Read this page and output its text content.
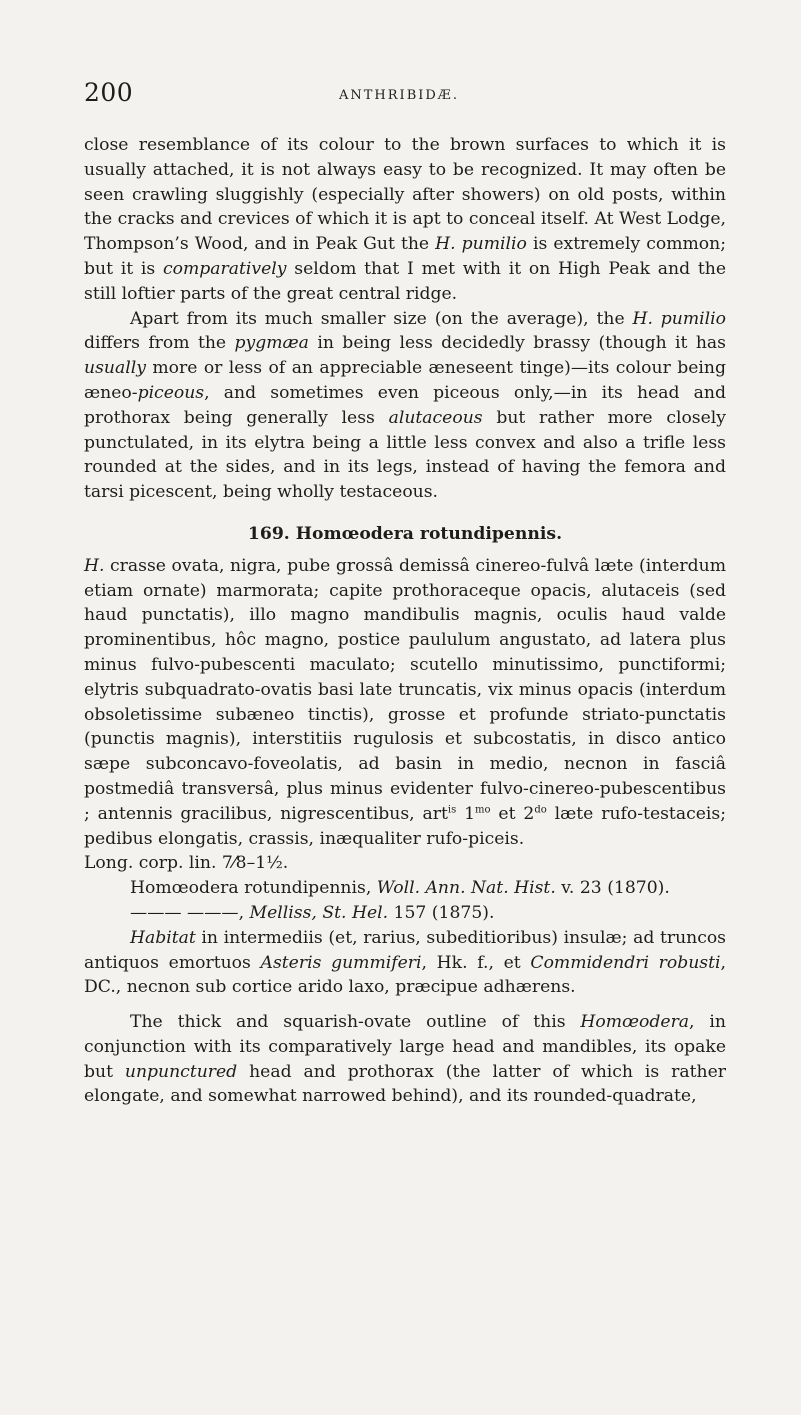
200	ANTHRIBIDÆ.

close resemblance of its colour to the brown surfaces to which it is usually attached, it is not always easy to be recognized. It may often be seen crawling sluggishly (especially after showers) on old posts, within the cracks and crevices of which it is apt to conceal itself. At West Lodge, Thompson’s Wood, and in Peak Gut the H. pumilio is extremely common; but it is comparatively seldom that I met with it on High Peak and the still loftier parts of the great central ridge.

Apart from its much smaller size (on the average), the H. pumilio differs from the pygmæa in being less decidedly brassy (though it has usually more or less of an appreciable æneseent tinge)—its colour being æneo-piceous, and sometimes even piceous only,—in its head and prothorax being generally less alutaceous but rather more closely punctulated, in its elytra being a little less convex and also a trifle less rounded at the sides, and in its legs, instead of having the femora and tarsi picescent, being wholly testaceous.

169. Homœodera rotundipennis.

H. crasse ovata, nigra, pube grossâ demissâ cinereo-fulvâ læte (interdum etiam ornate) marmorata; capite prothoraceque opacis, alutaceis (sed haud punctatis), illo magno mandibulis magnis, oculis haud valde prominentibus, hôc magno, postice paululum angustato, ad latera plus minus fulvo-pubescenti maculato; scutello minutissimo, punctiformi; elytris subquadrato-ovatis basi late truncatis, vix minus opacis (interdum obsoletissime subæneo tinctis), grosse et profunde striato-punctatis (punctis magnis), interstitiis rugulosis et subcostatis, in disco antico sæpe subconcavo-foveolatis, ad basin in medio, necnon in fasciâ postmediâ transversâ, plus minus evidenter fulvo-cinereo-pubescentibus ; antennis gracilibus, nigrescentibus, art$^{is}$ $1^{mo}$ et $2^{do}$ læte rufo-testaceis; pedibus elongatis, crassis, inæqualiter rufo-piceis.

Long. corp. lin. 7⁄8–1½.

Homœodera rotundipennis, Woll. Ann. Nat. Hist. v. 23 (1870).

——— ———, Melliss, St. Hel. 157 (1875).

Habitat in intermediis (et, rarius, subeditioribus) insulæ; ad truncos antiquos emortuos Asteris gummiferi, Hk. f., et Commidendri robusti, DC., necnon sub cortice arido laxo, præcipue adhærens.

The thick and squarish-ovate outline of this Homœodera, in conjunction with its comparatively large head and mandibles, its opake but unpunctured head and prothorax (the latter of which is rather elongate, and somewhat narrowed behind), and its rounded-quadrate,
